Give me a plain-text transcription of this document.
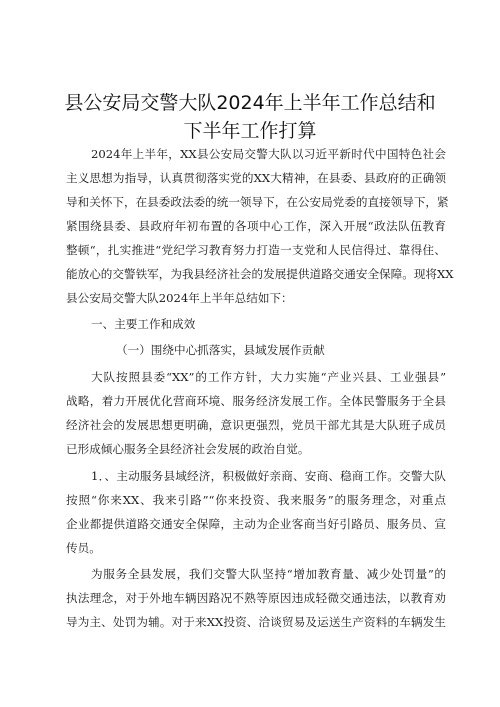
县公安局交警大队2024年上半年工作总结和
下半年工作打算
2024年上半年，XX县公安局交警大队以习近平新时代中国特色社会
主义思想为指导，认真贯彻落实党的XX大精神，在县委、县政府的正确领
导和关怀下，在县委政法委的统一领导下，在公安局党委的直接领导下，紧
紧围绕县委、县政府年初布置的各项中心工作，深入开展“政法队伍教育
整顿“，扎实推进“党纪学习教育努力打造一支党和人民信得过、靠得住、
能放心的交警铁军，为我县经济社会的发展提供道路交通安全保障。现将XX
县公安局交警大队2024年上半年总结如下：
一、主要工作和成效
（一）围绕中心抓落实，县域发展作贡献
大队按照县委“XX”的工作方针，大力实施“产业兴县、工业强县”
战略，着力开展优化营商环境、服务经济发展工作。全体民警服务于全县
经济社会的发展思想更明确，意识更强烈，党员干部尤其是大队班子成员
已形成倾心服务全县经济社会发展的政治自觉。
1．、主动服务县域经济，积极做好亲商、安商、稳商工作。交警大队
按照“你来XX、我来引路”“你来投资、我来服务”的服务理念，对重点
企业都提供道路交通安全保障，主动为企业客商当好引路员、服务员、宣
传员。
为服务全县发展，我们交警大队坚持“增加教育量、减少处罚量”的
执法理念，对于外地车辆因路况不熟等原因违成轻微交通违法，以教育劝
导为主、处罚为辅。对于来XX投资、洽谈贸易及运送生产资料的车辆发生
